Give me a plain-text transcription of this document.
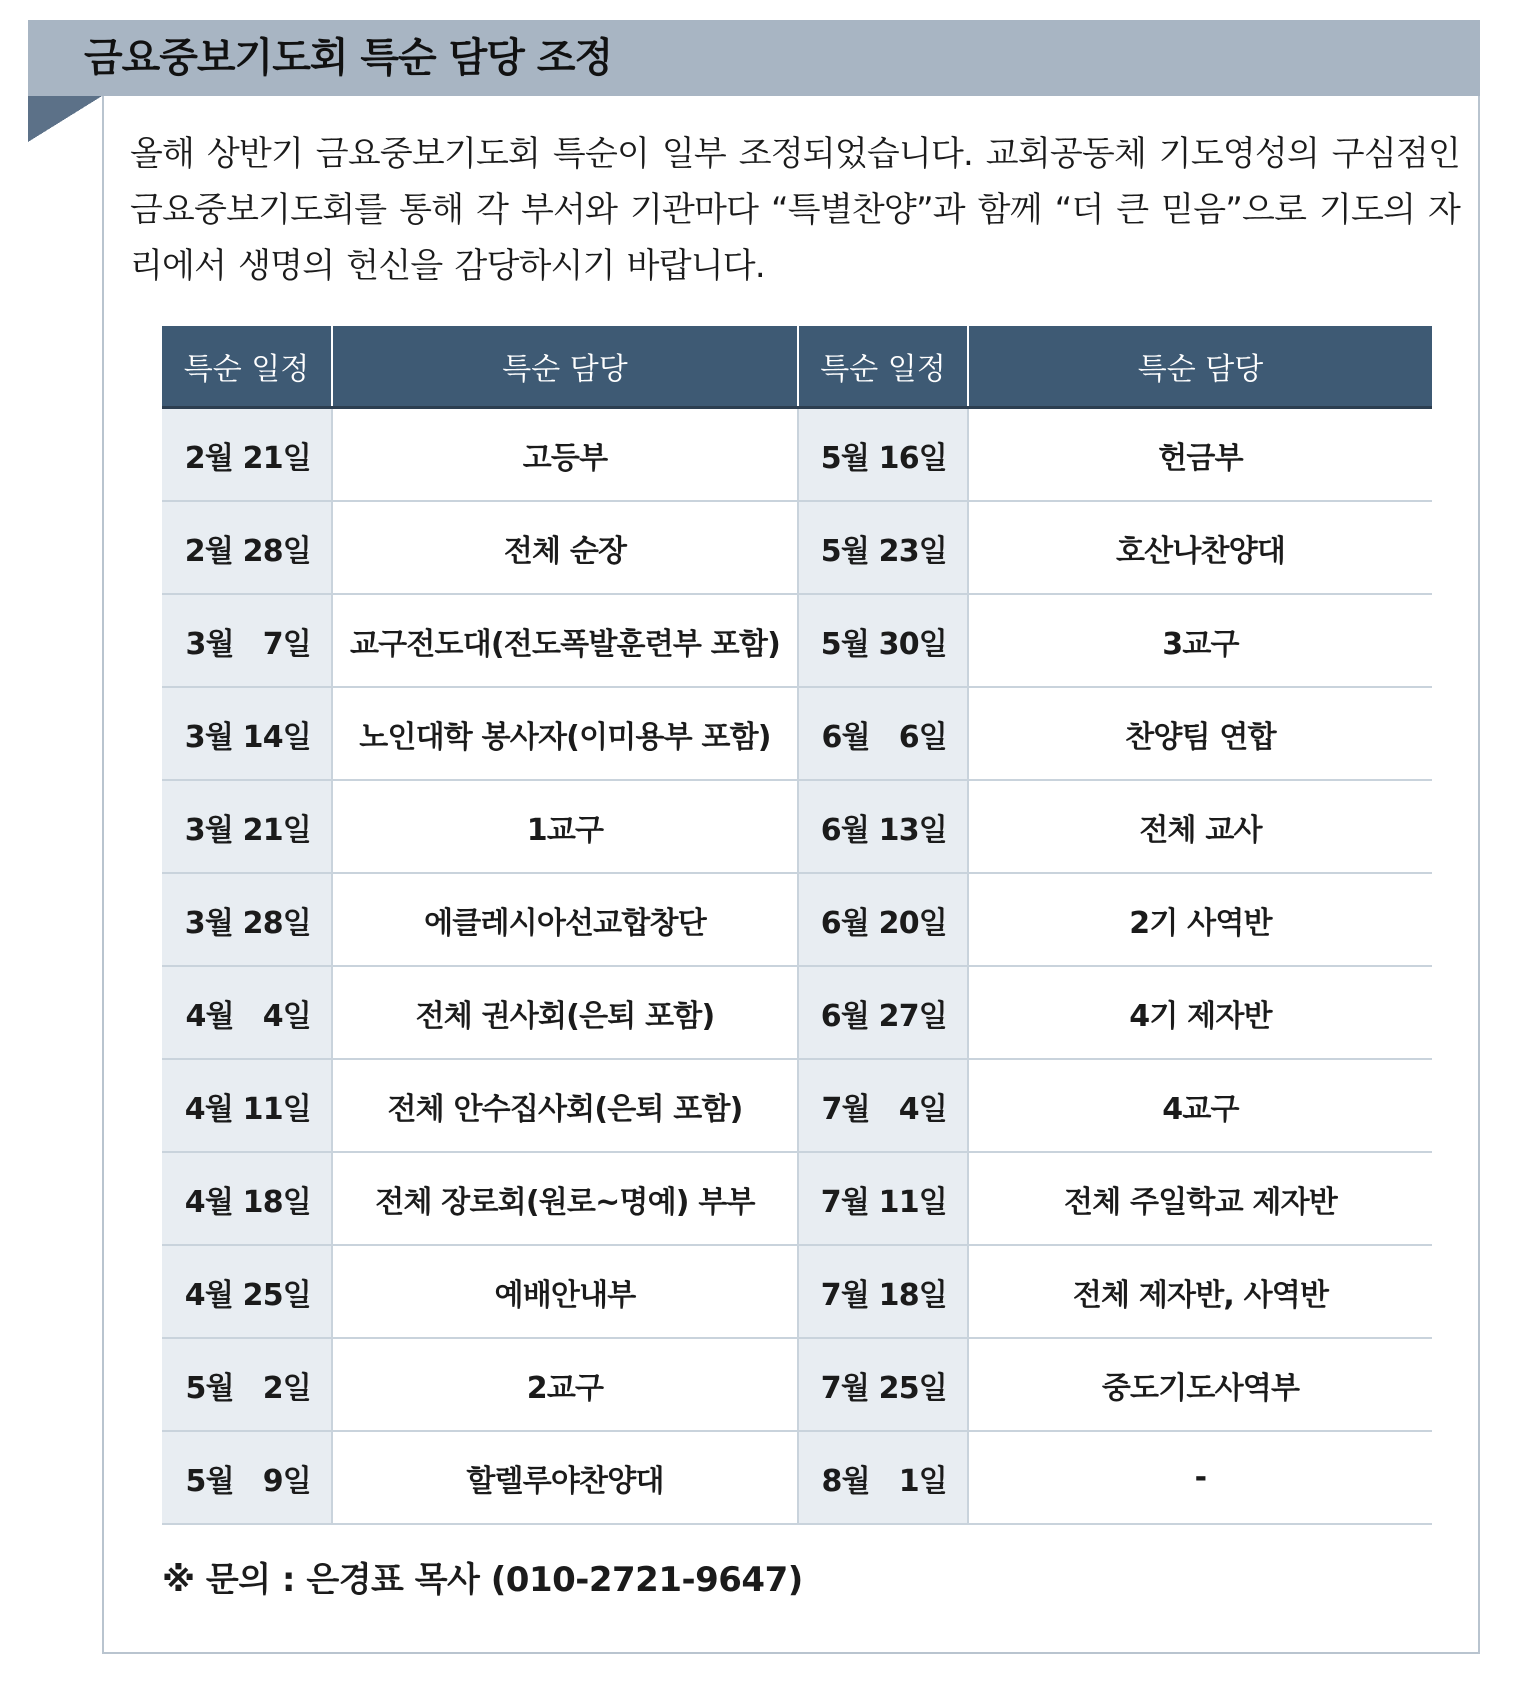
금요중보기도회 특순 담당 조정
올해 상반기 금요중보기도회 특순이 일부 조정되었습니다. 교회공동체 기도영성의 구심점인 금요중보기도회를 통해 각 부서와 기관마다 “특별찬양”과 함께 “더 큰 믿음”으로 기도의 자리에서 생명의 헌신을 감당하시기 바랍니다.
특순 일정	특순 담당	특순 일정	특순 담당
2월 21일	고등부	5월 16일	헌금부
2월 28일	전체 순장	5월 23일	호산나찬양대
3월   7일	교구전도대(전도폭발훈련부 포함)	5월 30일	3교구
3월 14일	노인대학 봉사자(이미용부 포함)	6월   6일	찬양팀 연합
3월 21일	1교구	6월 13일	전체 교사
3월 28일	에클레시아선교합창단	6월 20일	2기 사역반
4월   4일	전체 권사회(은퇴 포함)	6월 27일	4기 제자반
4월 11일	전체 안수집사회(은퇴 포함)	7월   4일	4교구
4월 18일	전체 장로회(원로~명예) 부부	7월 11일	전체 주일학교 제자반
4월 25일	예배안내부	7월 18일	전체 제자반, 사역반
5월   2일	2교구	7월 25일	중도기도사역부
5월   9일	할렐루야찬양대	8월   1일	-
※ 문의 : 은경표 목사 (010-2721-9647)
